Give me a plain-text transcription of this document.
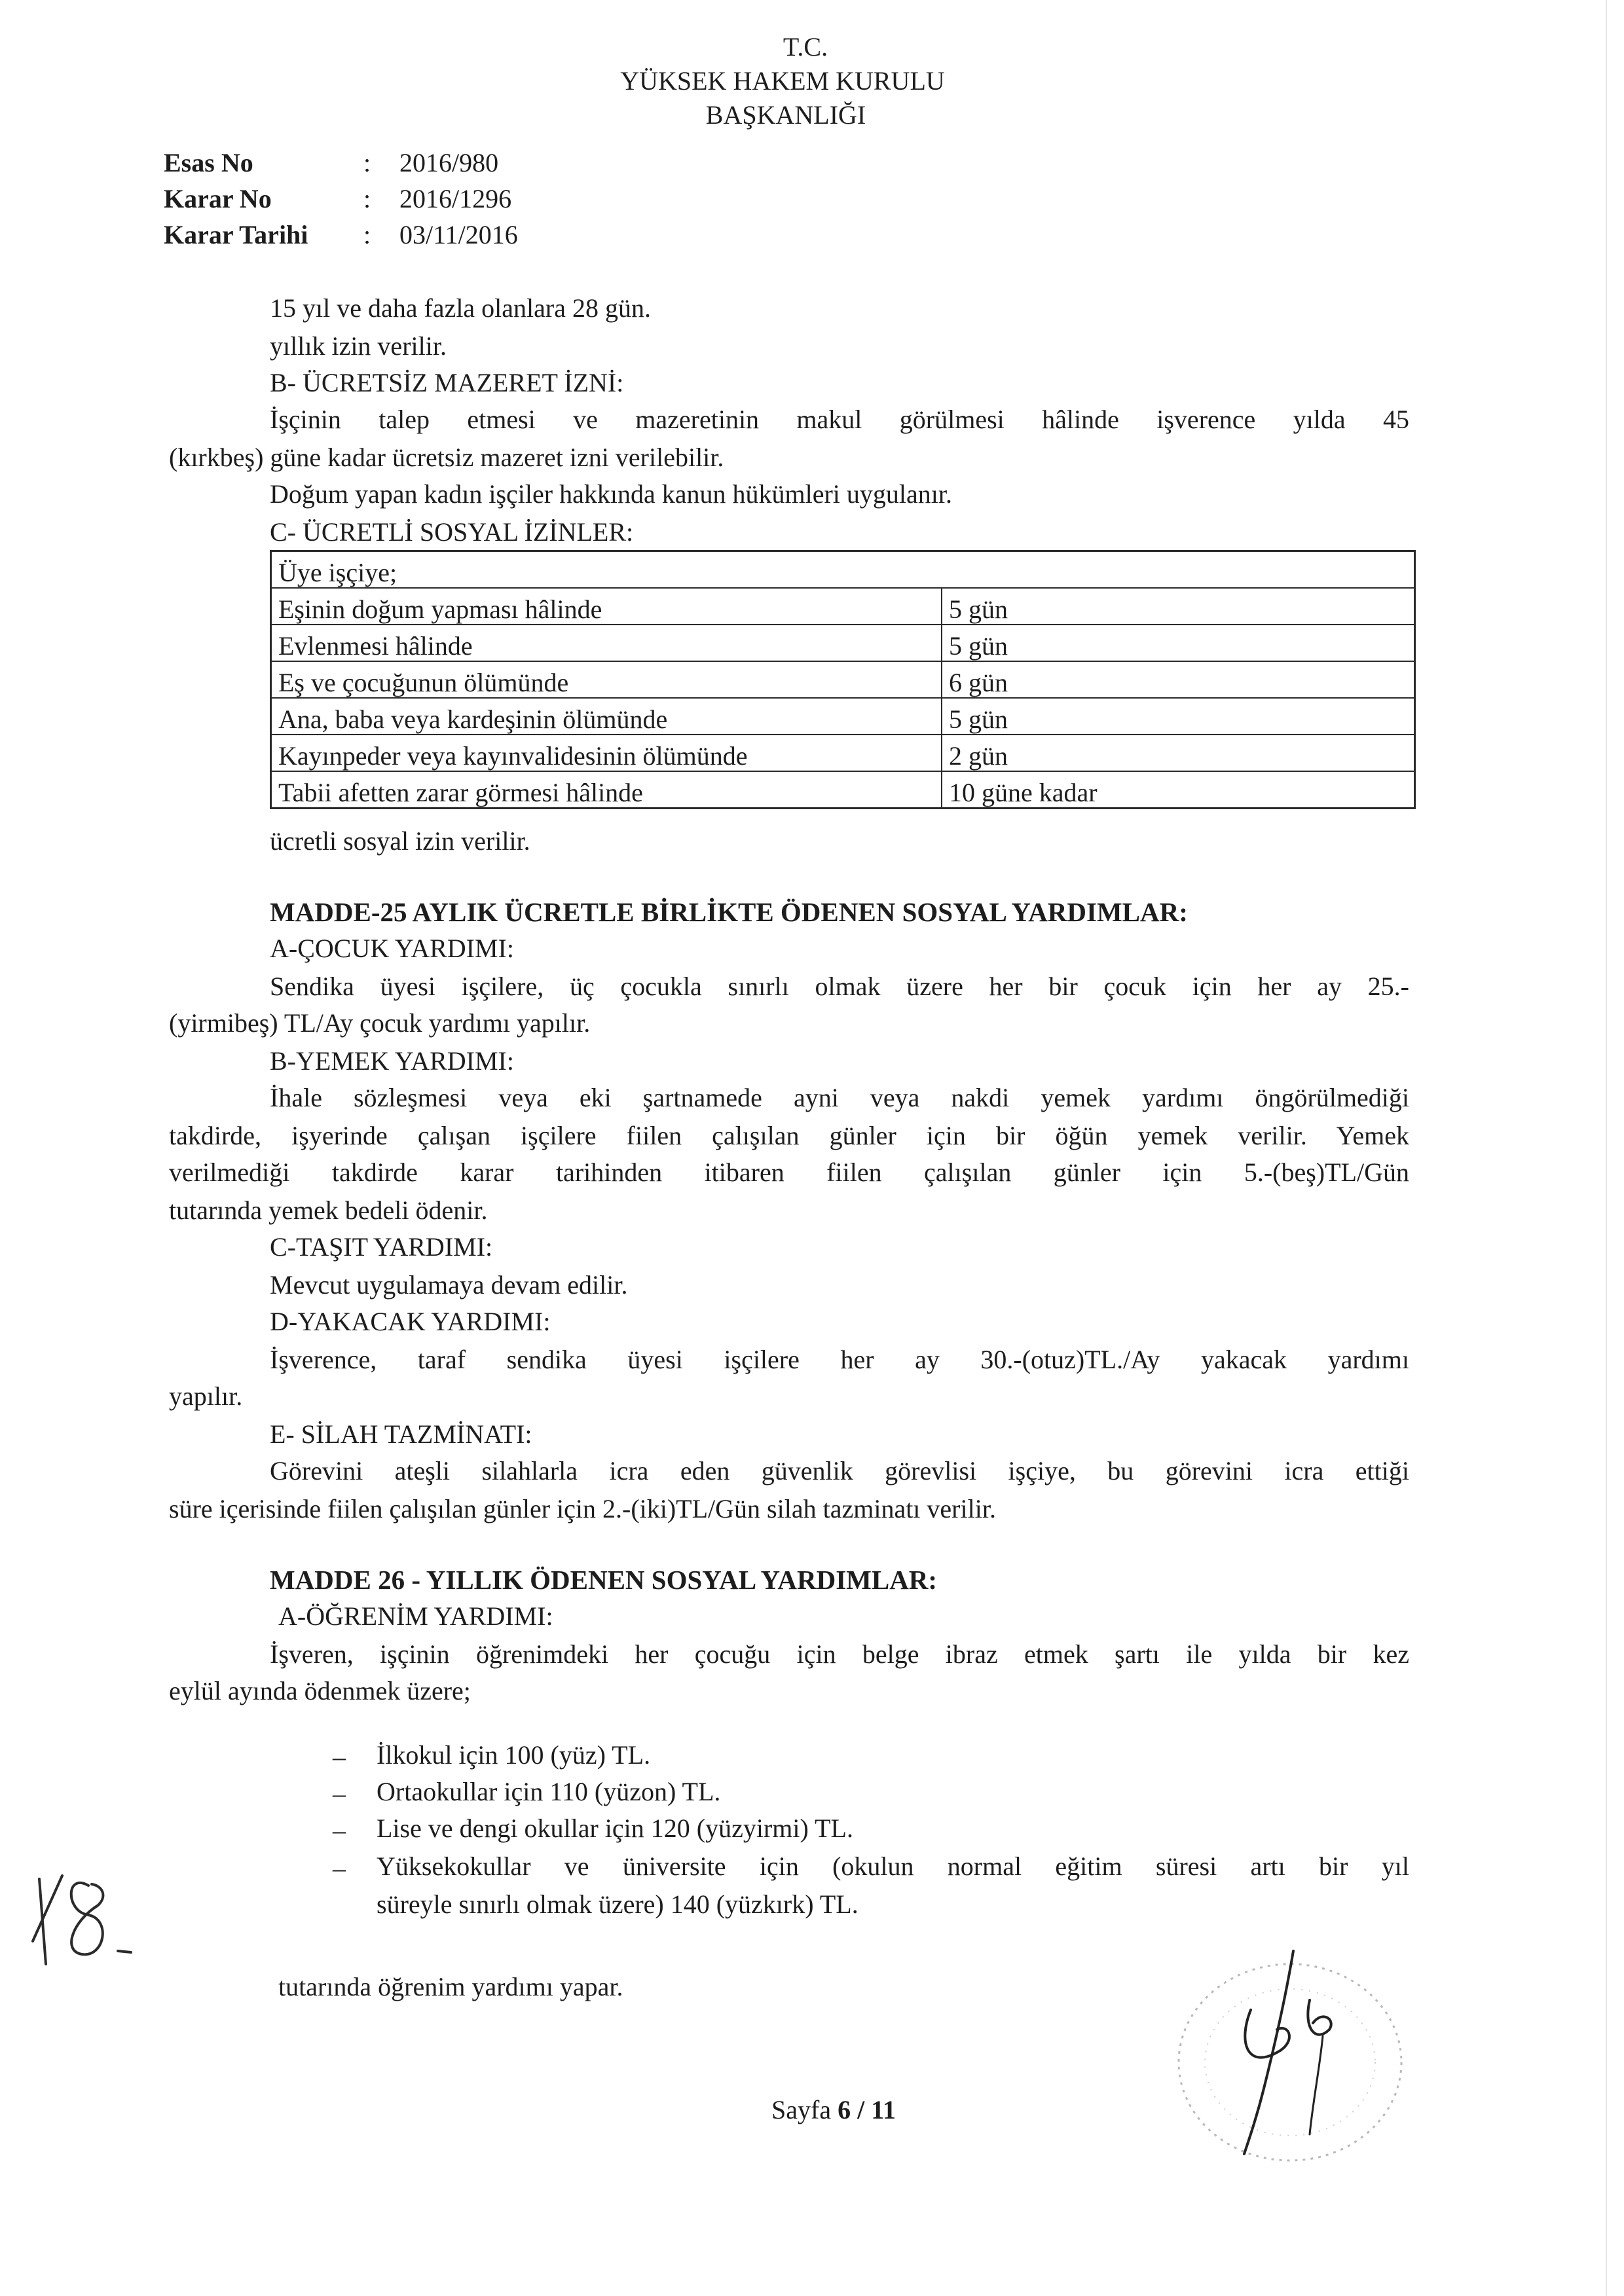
T.C.
YÜKSEK HAKEM KURULU
BAŞKANLIĞI
Esas No	: 2016/980
Karar No	: 2016/1296
Karar Tarihi : 03/11/2016
15 yıl ve daha fazla olanlara 28 gün.
yıllık izin verilir.
B- ÜCRETSİZ MAZERET İZNİ:
İşçinin talep etmesi ve mazeretinin makul görülmesi hâlinde işverence yılda 45
(kırkbeş) güne kadar ücretsiz mazeret izni verilebilir.
Doğum yapan kadın işçiler hakkında kanun hükümleri uygulanır.
C- ÜCRETLİ SOSYAL İZİNLER:
Üye işçiye;	
Eşinin doğum yapması hâlinde	5 gün
Evlenmesi hâlinde	5 gün
Eş ve çocuğunun ölümünde	6 gün
Ana, baba veya kardeşinin ölümünde	5 gün
Kayınpeder veya kayınvalidesinin ölümünde	2 gün
Tabii afetten zarar görmesi hâlinde	10 güne kadar
ücretli sosyal izin verilir.
MADDE-25 AYLIK ÜCRETLE BİRLİKTE ÖDENEN SOSYAL YARDIMLAR:
A-ÇOCUK YARDIMI:
Sendika üyesi işçilere, üç çocukla sınırlı olmak üzere her bir çocuk için her ay 25.-
(yirmibeş) TL/Ay çocuk yardımı yapılır.
B-YEMEK YARDIMI:
İhale sözleşmesi veya eki şartnamede ayni veya nakdi yemek yardımı öngörülmediği
takdirde, işyerinde çalışan işçilere fiilen çalışılan günler için bir öğün yemek verilir. Yemek
verilmediği takdirde karar tarihinden itibaren fiilen çalışılan günler için 5.-(beş)TL/Gün
tutarında yemek bedeli ödenir.
C-TAŞIT YARDIMI:
Mevcut uygulamaya devam edilir.
D-YAKACAK YARDIMI:
İşverence, taraf sendika üyesi işçilere her ay 30.-(otuz)TL./Ay yakacak yardımı
yapılır.
E- SİLAH TAZMİNATI:
Görevini ateşli silahlarla icra eden güvenlik görevlisi işçiye, bu görevini icra ettiği
süre içerisinde fiilen çalışılan günler için 2.-(iki)TL/Gün silah tazminatı verilir.
MADDE 26 - YILLIK ÖDENEN SOSYAL YARDIMLAR:
A-ÖĞRENİM YARDIMI:
İşveren, işçinin öğrenimdeki her çocuğu için belge ibraz etmek şartı ile yılda bir kez
eylül ayında ödenmek üzere;
– İlkokul için 100 (yüz) TL.
– Ortaokullar için 110 (yüzon) TL.
– Lise ve dengi okullar için 120 (yüzyirmi) TL.
– Yüksekokullar ve üniversite için (okulun normal eğitim süresi artı bir yıl
süreyle sınırlı olmak üzere) 140 (yüzkırk) TL.
tutarında öğrenim yardımı yapar.
Sayfa 6 / 11
